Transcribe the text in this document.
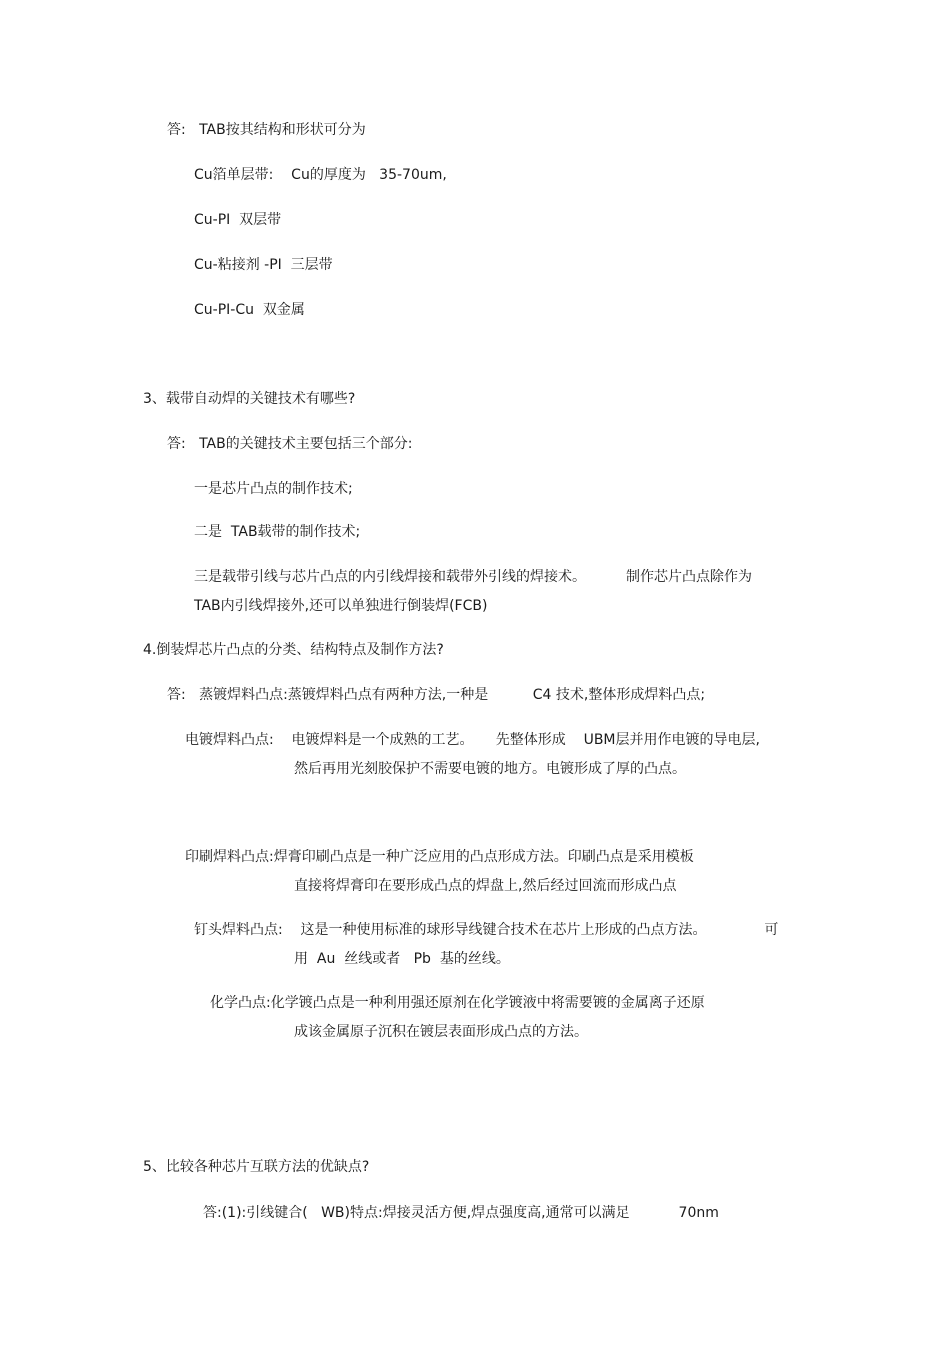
答:   TAB按其结构和形状可分为
Cu箔单层带:    Cu的厚度为   35-70um,
Cu-PI  双层带
Cu-粘接剂 -PI  三层带
Cu-PI-Cu  双金属
3、载带自动焊的关键技术有哪些?
答:   TAB的关键技术主要包括三个部分:
一是芯片凸点的制作技术;
二是  TAB载带的制作技术;
三是载带引线与芯片凸点的内引线焊接和载带外引线的焊接术。         制作芯片凸点除作为
TAB内引线焊接外,还可以单独进行倒装焊(FCB)
4.倒装焊芯片凸点的分类、结构特点及制作方法?
答:   蒸镀焊料凸点:蒸镀焊料凸点有两种方法,一种是          C4 技术,整体形成焊料凸点;
电镀焊料凸点:    电镀焊料是一个成熟的工艺。     先整体形成    UBM层并用作电镀的导电层,
然后再用光刻胶保护不需要电镀的地方。电镀形成了厚的凸点。
印刷焊料凸点:焊膏印刷凸点是一种广泛应用的凸点形成方法。印刷凸点是采用模板
直接将焊膏印在要形成凸点的焊盘上,然后经过回流而形成凸点
钉头焊料凸点:    这是一种使用标准的球形导线键合技术在芯片上形成的凸点方法。             可
用  Au  丝线或者   Pb  基的丝线。
化学凸点:化学镀凸点是一种利用强还原剂在化学镀液中将需要镀的金属离子还原
成该金属原子沉积在镀层表面形成凸点的方法。
5、比较各种芯片互联方法的优缺点?
答:(1):引线键合(   WB)特点:焊接灵活方便,焊点强度高,通常可以满足           70nm
